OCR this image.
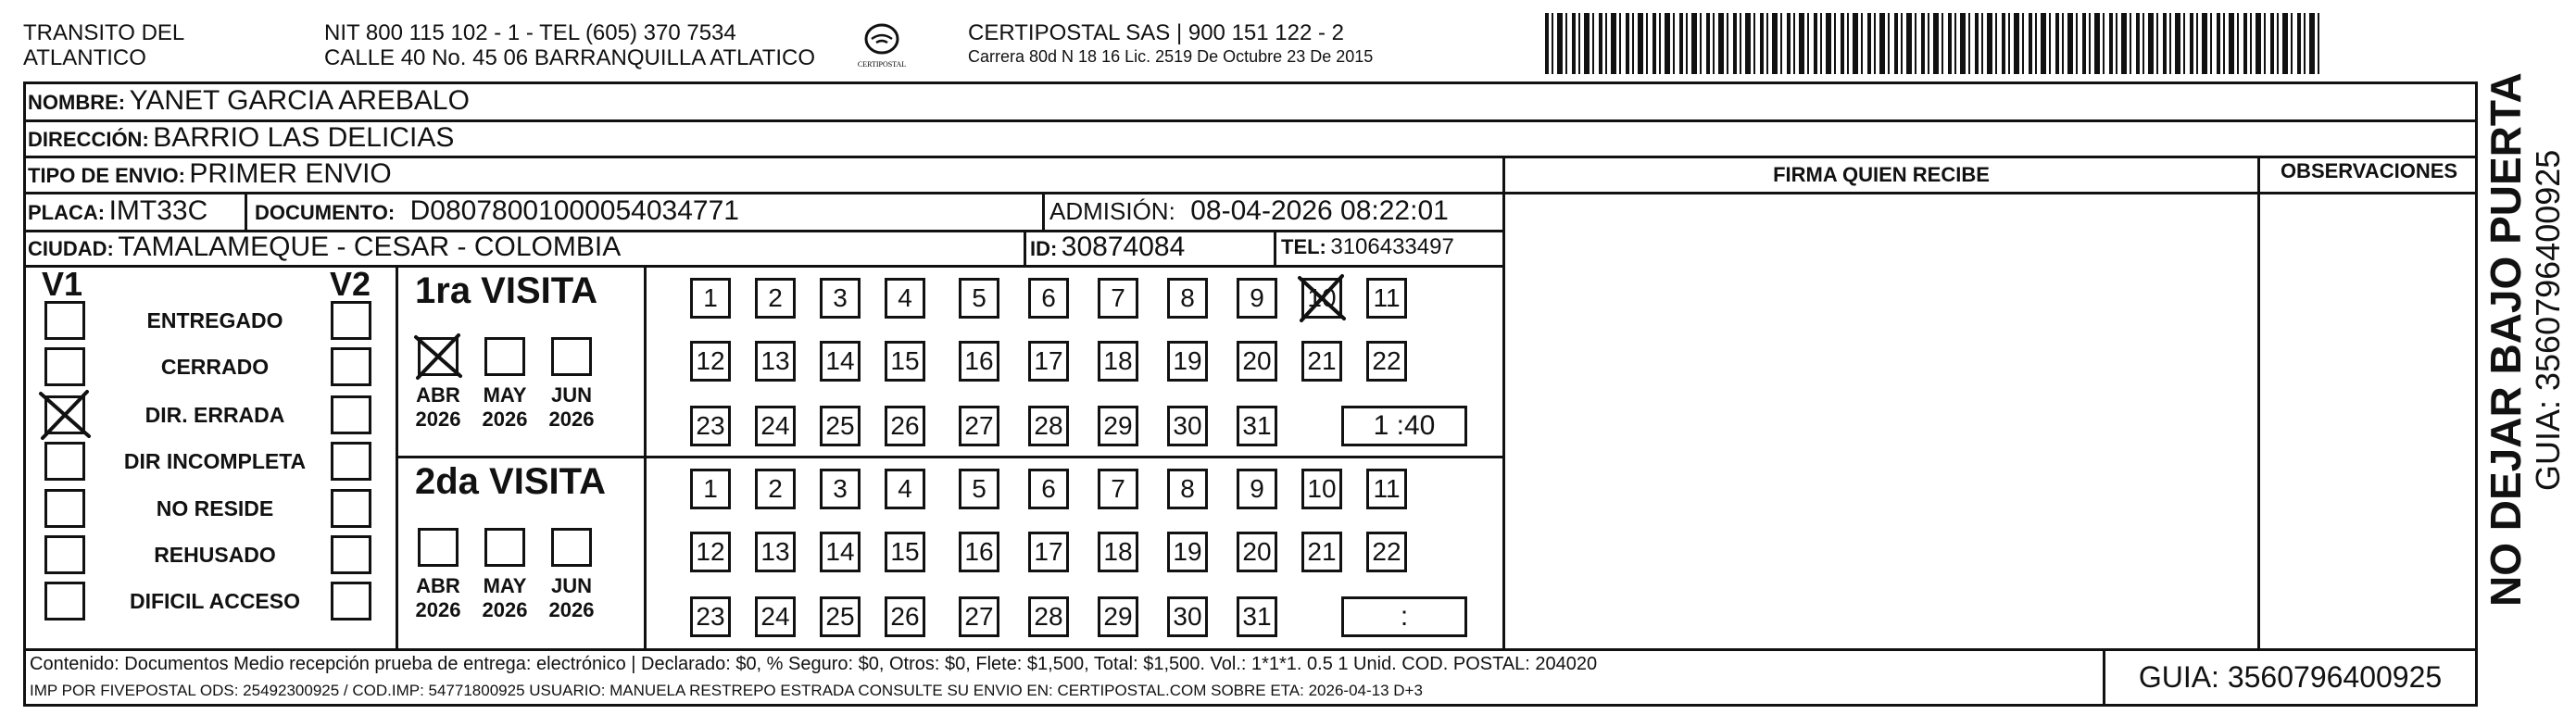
TRANSITO DEL
ATLANTICO
NIT 800 115 102 - 1 - TEL (605) 370 7534
CALLE 40 No. 45 06 BARRANQUILLA ATLATICO	CERTIPOSTAL
CERTIPOSTAL SAS | 900 151 122 - 2
Carrera 80d N 18 16 Lic. 2519 De Octubre 23 De 2015
NOMBRE: YANET GARCIA AREBALO
DIRECCIÓN: BARRIO LAS DELICIAS
TIPO DE ENVIO: PRIMER ENVIO
PLACA: IMT33C DOCUMENTO: D08078001000054034771	ADMISIÓN: 08-04-2026 08:22:01
CIUDAD: TAMALAMEQUE - CESAR - COLOMBIA	ID: 30874084	TEL: 3106433497
FIRMA QUIEN RECIBE	OBSERVACIONES
V1	V2
ENTREGADO
CERRADO
DIR. ERRADA
DIR INCOMPLETA
NO RESIDE
REHUSADO
DIFICIL ACCESO
1ra VISITA
ABR
2026
MAY
2026
JUN
2026
1	2	3	4	5	6	7	8	9	10 11
12 13 14 15 16 17 18 19 20 21 22
23 24 25 26 27 28 29 30 31	1 :40
2da VISITA
ABR
2026
MAY
2026
JUN
2026
1	2	3	4	5	6	7	8	9	10 11
12 13 14 15 16 17 18 19 20 21 22
23 24 25 26 27 28 29 30 31	:
Contenido: Documentos Medio recepción prueba de entrega: electrónico | Declarado: $0, % Seguro: $0, Otros: $0, Flete: $1,500, Total: $1,500. Vol.: 1*1*1. 0.5 1 Unid. COD. POSTAL: 204020
IMP POR FIVEPOSTAL ODS: 25492300925 / COD.IMP: 54771800925 USUARIO: MANUELA RESTREPO ESTRADA CONSULTE SU ENVIO EN: CERTIPOSTAL.COM SOBRE ETA: 2026-04-13 D+3	GUIA: 3560796400925
NO DEJAR BAJO PUERTA GUIA: 3560796400925
